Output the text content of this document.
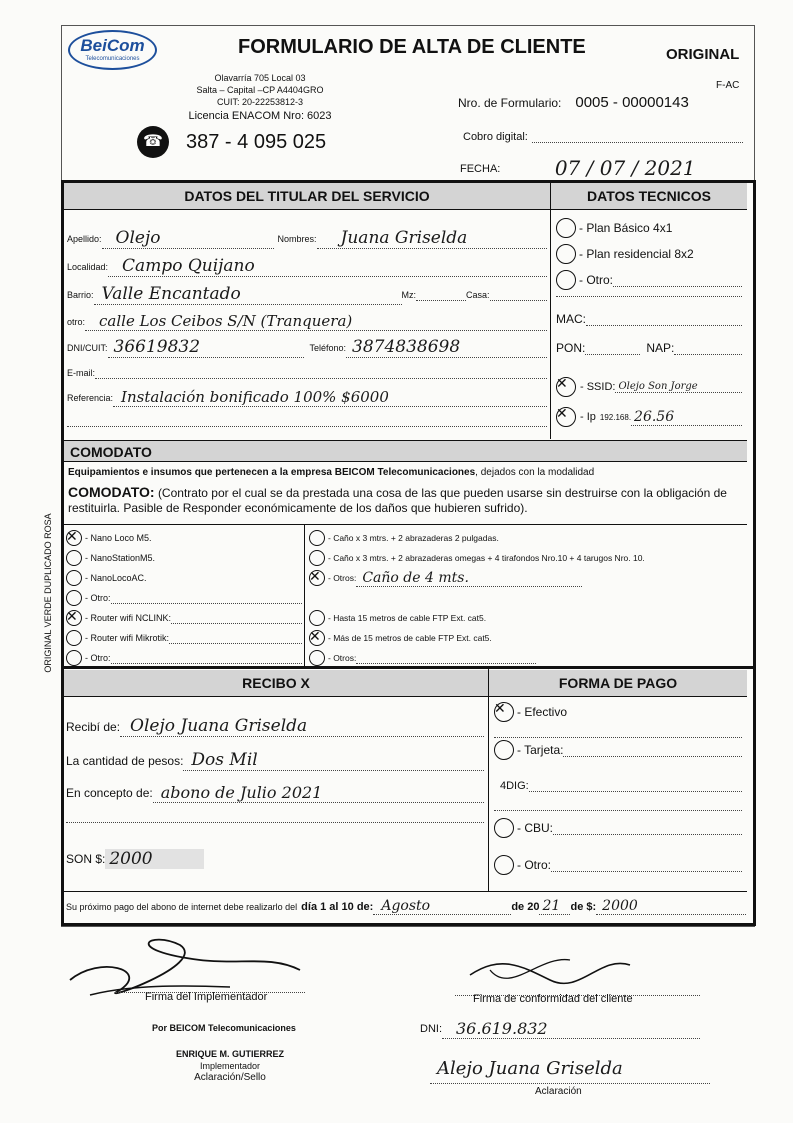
BeiCom
Telecomunicaciones
FORMULARIO DE ALTA DE CLIENTE	ORIGINAL
F-AC
Olavarría 705 Local 03
Salta – Capital –CP A4404GRO
CUIT: 20-22253812-3
Licencia ENACOM Nro: 6023
☎	387 - 4 095 025
Nro. de Formulario: 0005 - 00000143
Cobro digital:
FECHA:	07 / 07 / 2021
ORIGINAL VERDE DUPLICADO ROSA
DATOS DEL TITULAR DEL SERVICIO
Apellido: Olejo	Nombres:	Juana Griselda
Localidad: Campo Quijano
Barrio: Valle Encantado	Mz:	Casa:
otro: calle Los Ceibos S/N (Tranquera)
DNI/CUIT: 36619832	Teléfono: 3874838698
E-mail:
Referencia: Instalación bonificado 100% $6000
DATOS TECNICOS
- Plan Básico 4x1
- Plan residencial 8x2
- Otro:
MAC:
PON:	NAP:
✕
- SSID: Olejo Son Jorge
✕
- Ip 192.168. 26.56
COMODATO
Equipamientos e insumos que pertenecen a la empresa BEICOM Telecomunicaciones, dejados con la modalidad
COMODATO: (Contrato por el cual se da prestada una cosa de las que pueden usarse sin destruirse con la obligación de restituirla. Pasible de Responder económicamente de los daños que hubieren sufrido).
✕
- Nano Loco M5.
- NanoStationM5.
- NanoLocoAC.
- Otro:
✕
- Router wifi NCLINK:
- Router wifi Mikrotik:
- Otro:
- Caño x 3 mtrs. + 2 abrazaderas 2 pulgadas.
- Caño x 3 mtrs. + 2 abrazaderas omegas + 4 tirafondos Nro.10 + 4 tarugos Nro. 10.
✕
- Otros: Caño de 4 mts.
- Hasta 15 metros de cable FTP Ext. cat5.
✕
- Más de 15 metros de cable FTP Ext. cat5.
- Otros:
RECIBO X	FORMA DE PAGO
Recibí de: Olejo Juana Griselda
La cantidad de pesos: Dos Mil
En concepto de: abono de Julio 2021
SON $: 2000
✕
- Efectivo
- Tarjeta:
4DIG:
- CBU:
- Otro:
Su próximo pago del abono de internet debe realizarlo del día 1 al 10 de: Agosto	de 20 21 de $: 2000
Firma del Implementador	Firma de conformidad del cliente
Por BEICOM Telecomunicaciones	DNI: 36.619.832
ENRIQUE M. GUTIERREZ
Implementador
Aclaración/Sello	Alejo Juana Griselda
Aclaración
